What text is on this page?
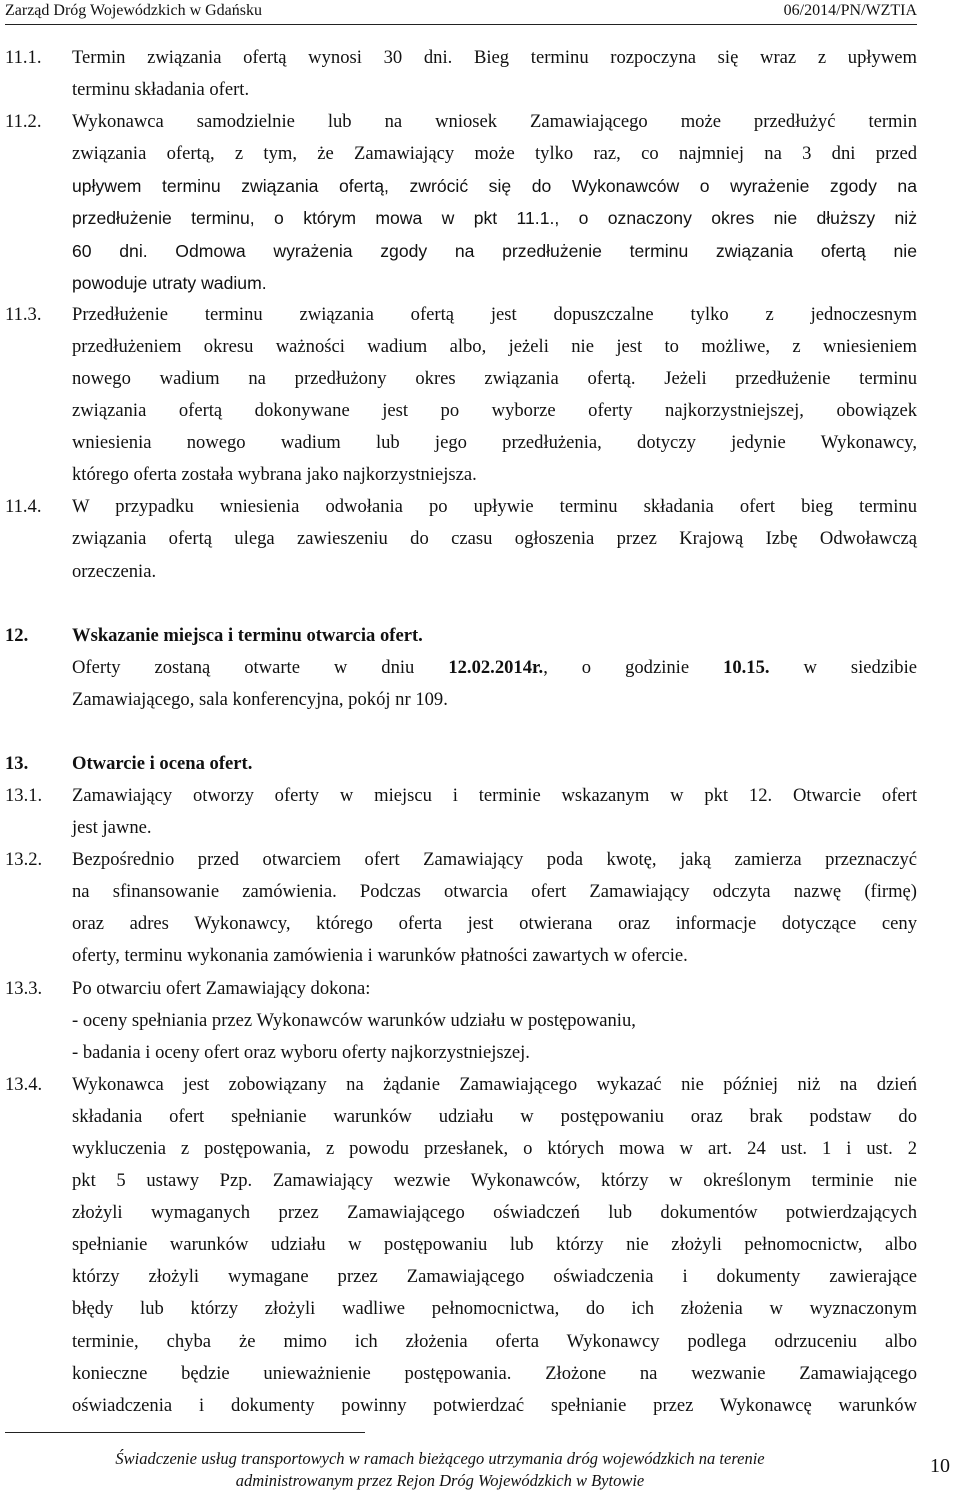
Zarząd Dróg Wojewódzkich w Gdańsku	06/2014/PN/WZTIA
11.1. Termin związania ofertą wynosi 30 dni. Bieg terminu rozpoczyna się wraz z upływem
terminu składania ofert.
11.2. Wykonawca samodzielnie lub na wniosek Zamawiającego może przedłużyć termin
związania ofertą, z tym, że Zamawiający może tylko raz, co najmniej na 3 dni przed
upływem terminu związania ofertą, zwrócić się do Wykonawców o wyrażenie zgody na
przedłużenie terminu, o którym mowa w pkt 11.1., o oznaczony okres nie dłuższy niż
60 dni. Odmowa wyrażenia zgody na przedłużenie terminu związania ofertą nie
powoduje utraty wadium.
11.3. Przedłużenie terminu związania ofertą jest dopuszczalne tylko z jednoczesnym
przedłużeniem okresu ważności wadium albo, jeżeli nie jest to możliwe, z wniesieniem
nowego wadium na przedłużony okres związania ofertą. Jeżeli przedłużenie terminu
związania ofertą dokonywane jest po wyborze oferty najkorzystniejszej, obowiązek
wniesienia nowego wadium lub jego przedłużenia, dotyczy jedynie Wykonawcy,
którego oferta została wybrana jako najkorzystniejsza.
11.4. W przypadku wniesienia odwołania po upływie terminu składania ofert bieg terminu
związania ofertą ulega zawieszeniu do czasu ogłoszenia przez Krajową Izbę Odwoławczą
orzeczenia.
12. Wskazanie miejsca i terminu otwarcia ofert.
Oferty zostaną otwarte w dniu 12.02.2014r., o godzinie 10.15. w siedzibie
Zamawiającego, sala konferencyjna, pokój nr 109.
13. Otwarcie i ocena ofert.
13.1. Zamawiający otworzy oferty w miejscu i terminie wskazanym w pkt 12. Otwarcie ofert
jest jawne.
13.2. Bezpośrednio przed otwarciem ofert Zamawiający poda kwotę, jaką zamierza przeznaczyć
na sfinansowanie zamówienia. Podczas otwarcia ofert Zamawiający odczyta nazwę (firmę)
oraz adres Wykonawcy, którego oferta jest otwierana oraz informacje dotyczące ceny
oferty, terminu wykonania zamówienia i warunków płatności zawartych w ofercie.
13.3. Po otwarciu ofert Zamawiający dokona:
- oceny spełniania przez Wykonawców warunków udziału w postępowaniu,
- badania i oceny ofert oraz wyboru oferty najkorzystniejszej.
13.4. Wykonawca jest zobowiązany na żądanie Zamawiającego wykazać nie później niż na dzień
składania ofert spełnianie warunków udziału w postępowaniu oraz brak podstaw do
wykluczenia z postępowania, z powodu przesłanek, o których mowa w art. 24 ust. 1 i ust. 2
pkt 5 ustawy Pzp. Zamawiający wezwie Wykonawców, którzy w określonym terminie nie
złożyli wymaganych przez Zamawiającego oświadczeń lub dokumentów potwierdzających
spełnianie warunków udziału w postępowaniu lub którzy nie złożyli pełnomocnictw, albo
którzy złożyli wymagane przez Zamawiającego oświadczenia i dokumenty zawierające
błędy lub którzy złożyli wadliwe pełnomocnictwa, do ich złożenia w wyznaczonym
terminie, chyba że mimo ich złożenia oferta Wykonawcy podlega odrzuceniu albo
konieczne będzie unieważnienie postępowania. Złożone na wezwanie Zamawiającego
oświadczenia i dokumenty powinny potwierdzać spełnianie przez Wykonawcę warunków
Świadczenie usług transportowych w ramach bieżącego utrzymania dróg wojewódzkich na terenie
administrowanym przez Rejon Dróg Wojewódzkich w Bytowie
10
